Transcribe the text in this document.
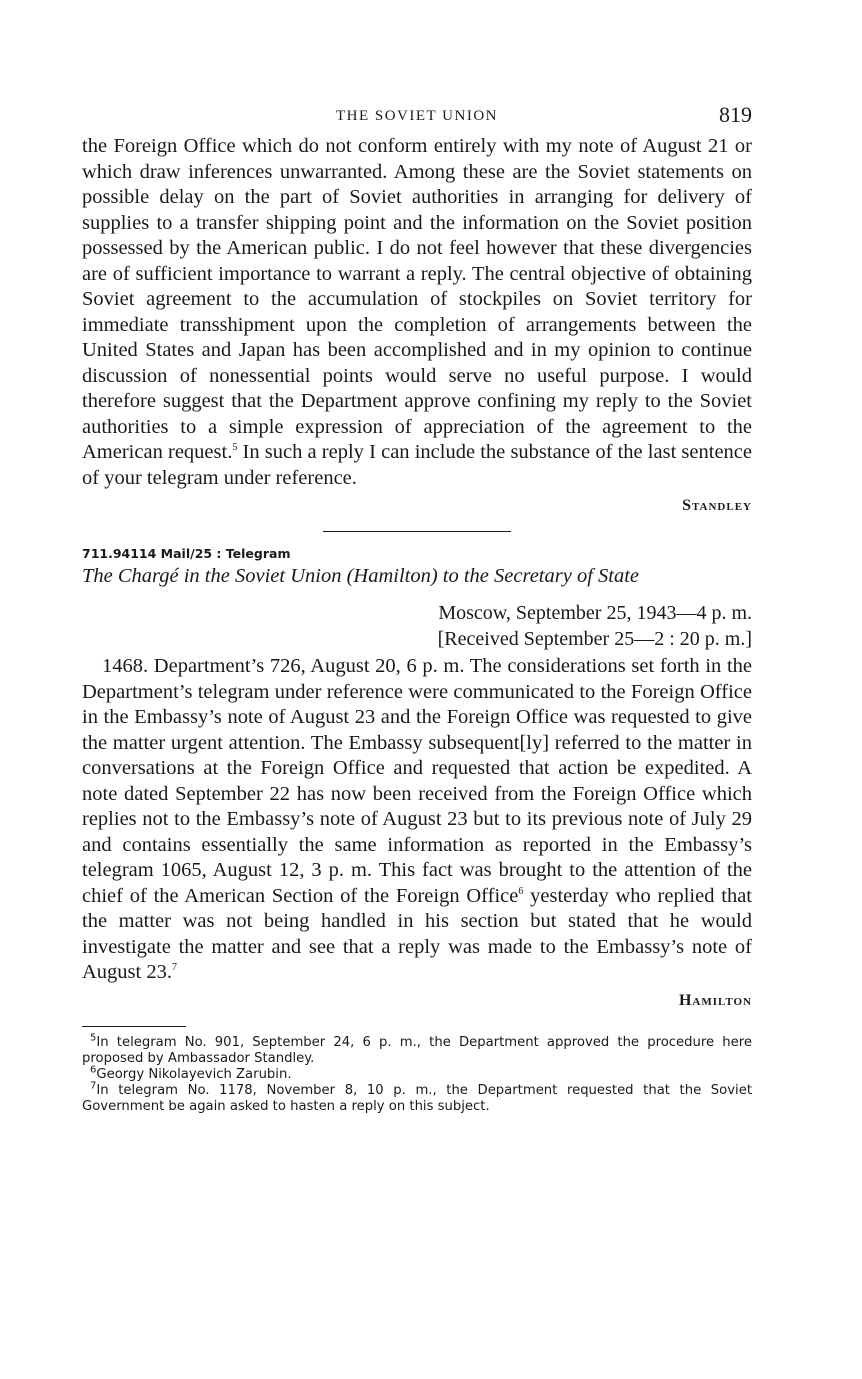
THE SOVIET UNION	819

the Foreign Office which do not conform entirely with my note of August 21 or which draw inferences unwarranted. Among these are the Soviet statements on possible delay on the part of Soviet authorities in arranging for delivery of supplies to a transfer shipping point and the information on the Soviet position possessed by the American public. I do not feel however that these divergencies are of sufficient importance to warrant a reply. The central objective of obtaining Soviet agreement to the accumulation of stockpiles on Soviet territory for immediate transshipment upon the completion of arrangements between the United States and Japan has been accomplished and in my opinion to continue discussion of nonessential points would serve no useful purpose. I would therefore suggest that the Department approve confining my reply to the Soviet authorities to a simple expression of appreciation of the agreement to the American request.$^5$ In such a reply I can include the substance of the last sentence of your telegram under reference.

Standley

711.94114 Mail/25 : Telegram

The Chargé in the Soviet Union (Hamilton) to the Secretary of State

Moscow, September 25, 1943—4 p. m.
[Received September 25—2 : 20 p. m.]

1468. Department’s 726, August 20, 6 p. m. The considerations set forth in the Department’s telegram under reference were communicated to the Foreign Office in the Embassy’s note of August 23 and the Foreign Office was requested to give the matter urgent attention. The Embassy subsequent[ly] referred to the matter in conversations at the Foreign Office and requested that action be expedited. A note dated September 22 has now been received from the Foreign Office which replies not to the Embassy’s note of August 23 but to its previous note of July 29 and contains essentially the same information as reported in the Embassy’s telegram 1065, August 12, 3 p. m. This fact was brought to the attention of the chief of the American Section of the Foreign Office$^6$ yesterday who replied that the matter was not being handled in his section but stated that he would investigate the matter and see that a reply was made to the Embassy’s note of August 23.$^7$

Hamilton

$^5$In telegram No. 901, September 24, 6 p. m., the Department approved the procedure here proposed by Ambassador Standley.

$^6$Georgy Nikolayevich Zarubin.

$^7$In telegram No. 1178, November 8, 10 p. m., the Department requested that the Soviet Government be again asked to hasten a reply on this subject.
